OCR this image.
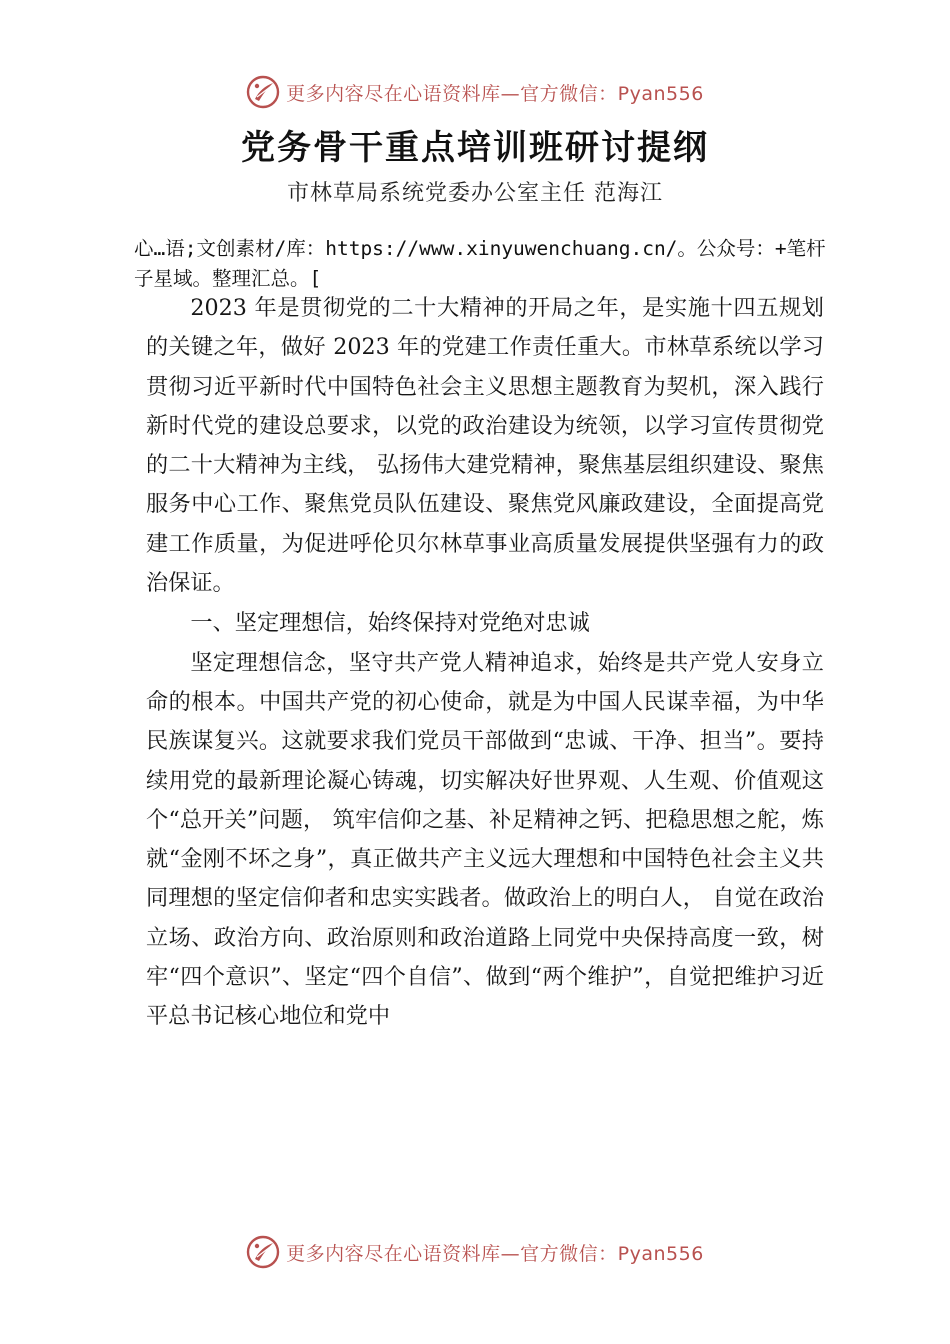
更多内容尽在心语资料库—官方微信：Pyan556
党务骨干重点培训班研讨提纲
市林草局系统党委办公室主任 范海江
心…语;文创素材/库：https://www.xinyuwenchuang.cn/。公众号：+笔杆子星域。整理汇总。[

2023 年是贯彻党的二十大精神的开局之年，是实施十四五规划的关键之年，做好 2023 年的党建工作责任重大。市林草系统以学习贯彻习近平新时代中国特色社会主义思想主题教育为契机，深入践行新时代党的建设总要求，以党的政治建设为统领，以学习宣传贯彻党的二十大精神为主线， 弘扬伟大建党精神，聚焦基层组织建设、聚焦服务中心工作、聚焦党员队伍建设、聚焦党风廉政建设，全面提高党建工作质量，为促进呼伦贝尔林草事业高质量发展提供坚强有力的政治保证。

一、坚定理想信，始终保持对党绝对忠诚

坚定理想信念，坚守共产党人精神追求，始终是共产党人安身立命的根本。中国共产党的初心使命，就是为中国人民谋幸福，为中华民族谋复兴。这就要求我们党员干部做到“忠诚、干净、担当”。要持续用党的最新理论凝心铸魂，切实解决好世界观、人生观、价值观这个“总开关”问题， 筑牢信仰之基、补足精神之钙、把稳思想之舵，炼就“金刚不坏之身”，真正做共产主义远大理想和中国特色社会主义共同理想的坚定信仰者和忠实实践者。做政治上的明白人， 自觉在政治立场、政治方向、政治原则和政治道路上同党中央保持高度一致，树牢“四个意识”、坚定“四个自信”、做到“两个维护”，自觉把维护习近平总书记核心地位和党中

更多内容尽在心语资料库—官方微信：Pyan556
